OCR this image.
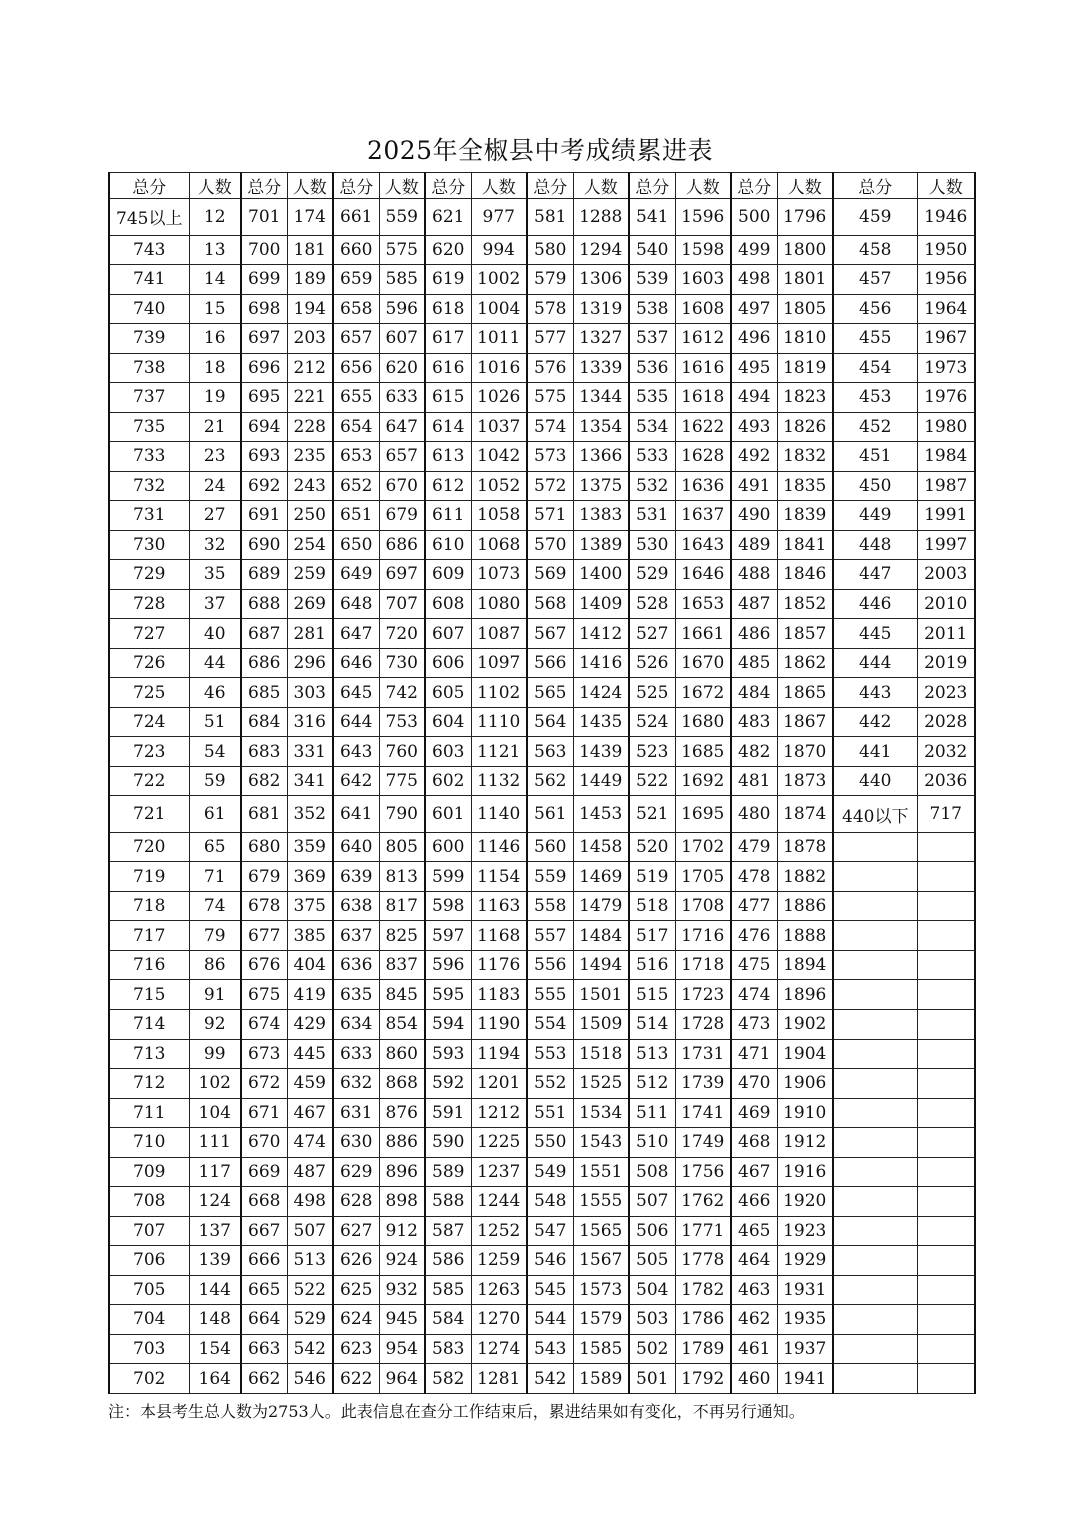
2025年全椒县中考成绩累进表
总分	人数	总分	人数	总分	人数	总分	人数	总分	人数	总分	人数	总分	人数	总分	人数
745以上	12	701	174	661	559	621	977	581	1288	541	1596	500	1796	459	1946
743	13	700	181	660	575	620	994	580	1294	540	1598	499	1800	458	1950
741	14	699	189	659	585	619	1002	579	1306	539	1603	498	1801	457	1956
740	15	698	194	658	596	618	1004	578	1319	538	1608	497	1805	456	1964
739	16	697	203	657	607	617	1011	577	1327	537	1612	496	1810	455	1967
738	18	696	212	656	620	616	1016	576	1339	536	1616	495	1819	454	1973
737	19	695	221	655	633	615	1026	575	1344	535	1618	494	1823	453	1976
735	21	694	228	654	647	614	1037	574	1354	534	1622	493	1826	452	1980
733	23	693	235	653	657	613	1042	573	1366	533	1628	492	1832	451	1984
732	24	692	243	652	670	612	1052	572	1375	532	1636	491	1835	450	1987
731	27	691	250	651	679	611	1058	571	1383	531	1637	490	1839	449	1991
730	32	690	254	650	686	610	1068	570	1389	530	1643	489	1841	448	1997
729	35	689	259	649	697	609	1073	569	1400	529	1646	488	1846	447	2003
728	37	688	269	648	707	608	1080	568	1409	528	1653	487	1852	446	2010
727	40	687	281	647	720	607	1087	567	1412	527	1661	486	1857	445	2011
726	44	686	296	646	730	606	1097	566	1416	526	1670	485	1862	444	2019
725	46	685	303	645	742	605	1102	565	1424	525	1672	484	1865	443	2023
724	51	684	316	644	753	604	1110	564	1435	524	1680	483	1867	442	2028
723	54	683	331	643	760	603	1121	563	1439	523	1685	482	1870	441	2032
722	59	682	341	642	775	602	1132	562	1449	522	1692	481	1873	440	2036
721	61	681	352	641	790	601	1140	561	1453	521	1695	480	1874	440以下	717
720	65	680	359	640	805	600	1146	560	1458	520	1702	479	1878		
719	71	679	369	639	813	599	1154	559	1469	519	1705	478	1882		
718	74	678	375	638	817	598	1163	558	1479	518	1708	477	1886		
717	79	677	385	637	825	597	1168	557	1484	517	1716	476	1888		
716	86	676	404	636	837	596	1176	556	1494	516	1718	475	1894		
715	91	675	419	635	845	595	1183	555	1501	515	1723	474	1896		
714	92	674	429	634	854	594	1190	554	1509	514	1728	473	1902		
713	99	673	445	633	860	593	1194	553	1518	513	1731	471	1904		
712	102	672	459	632	868	592	1201	552	1525	512	1739	470	1906		
711	104	671	467	631	876	591	1212	551	1534	511	1741	469	1910		
710	111	670	474	630	886	590	1225	550	1543	510	1749	468	1912		
709	117	669	487	629	896	589	1237	549	1551	508	1756	467	1916		
708	124	668	498	628	898	588	1244	548	1555	507	1762	466	1920		
707	137	667	507	627	912	587	1252	547	1565	506	1771	465	1923		
706	139	666	513	626	924	586	1259	546	1567	505	1778	464	1929		
705	144	665	522	625	932	585	1263	545	1573	504	1782	463	1931		
704	148	664	529	624	945	584	1270	544	1579	503	1786	462	1935		
703	154	663	542	623	954	583	1274	543	1585	502	1789	461	1937		
702	164	662	546	622	964	582	1281	542	1589	501	1792	460	1941		
注：本县考生总人数为2753人。此表信息在查分工作结束后，累进结果如有变化，不再另行通知。
